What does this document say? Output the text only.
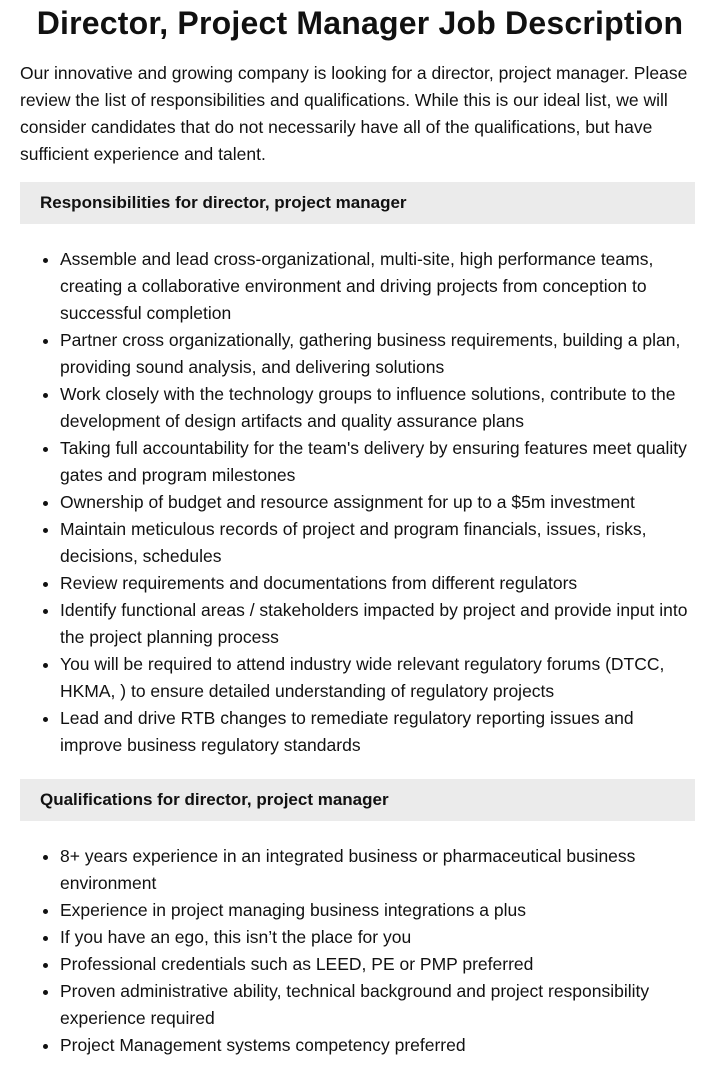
Director, Project Manager Job Description

Our innovative and growing company is looking for a director, project manager. Please review the list of responsibilities and qualifications. While this is our ideal list, we will consider candidates that do not necessarily have all of the qualifications, but have sufficient experience and talent.

Responsibilities for director, project manager
• Assemble and lead cross-organizational, multi-site, high performance teams, creating a collaborative environment and driving projects from conception to successful completion
• Partner cross organizationally, gathering business requirements, building a plan, providing sound analysis, and delivering solutions
• Work closely with the technology groups to influence solutions, contribute to the development of design artifacts and quality assurance plans
• Taking full accountability for the team's delivery by ensuring features meet quality gates and program milestones
• Ownership of budget and resource assignment for up to a $5m investment
• Maintain meticulous records of project and program financials, issues, risks, decisions, schedules
• Review requirements and documentations from different regulators
• Identify functional areas / stakeholders impacted by project and provide input into the project planning process
• You will be required to attend industry wide relevant regulatory forums (DTCC, HKMA, ) to ensure detailed understanding of regulatory projects
• Lead and drive RTB changes to remediate regulatory reporting issues and improve business regulatory standards
Qualifications for director, project manager
• 8+ years experience in an integrated business or pharmaceutical business environment
• Experience in project managing business integrations a plus
• If you have an ego, this isn’t the place for you
• Professional credentials such as LEED, PE or PMP preferred
• Proven administrative ability, technical background and project responsibility experience required
• Project Management systems competency preferred
